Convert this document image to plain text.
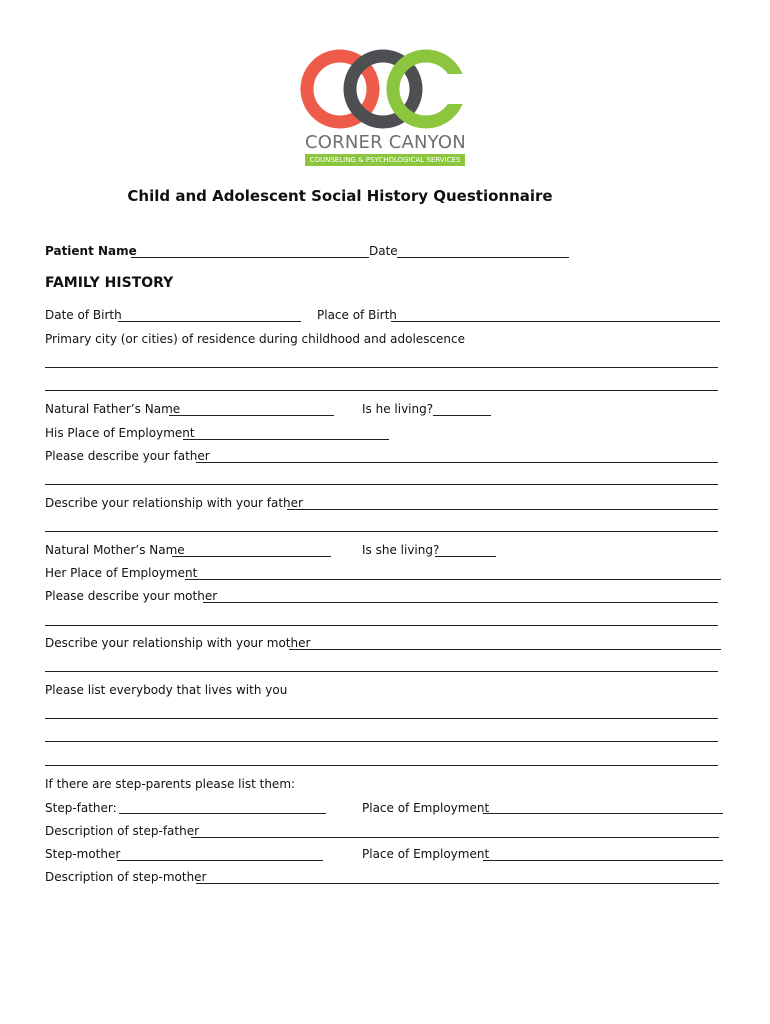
CORNER CANYON
COUNSELING & PSYCHOLOGICAL SERVICES
Child and Adolescent Social History Questionnaire
Patient Name	Date
FAMILY HISTORY
Date of Birth	Place of Birth
Primary city (or cities) of residence during childhood and adolescence
Natural Father’s Name	Is he living?
His Place of Employment
Please describe your father
Describe your relationship with your father
Natural Mother’s Name	Is she living?
Her Place of Employment
Please describe your mother
Describe your relationship with your mother
Please list everybody that lives with you
If there are step-parents please list them:
Step-father:	Place of Employment
Description of step-father
Step-mother	Place of Employment
Description of step-mother
